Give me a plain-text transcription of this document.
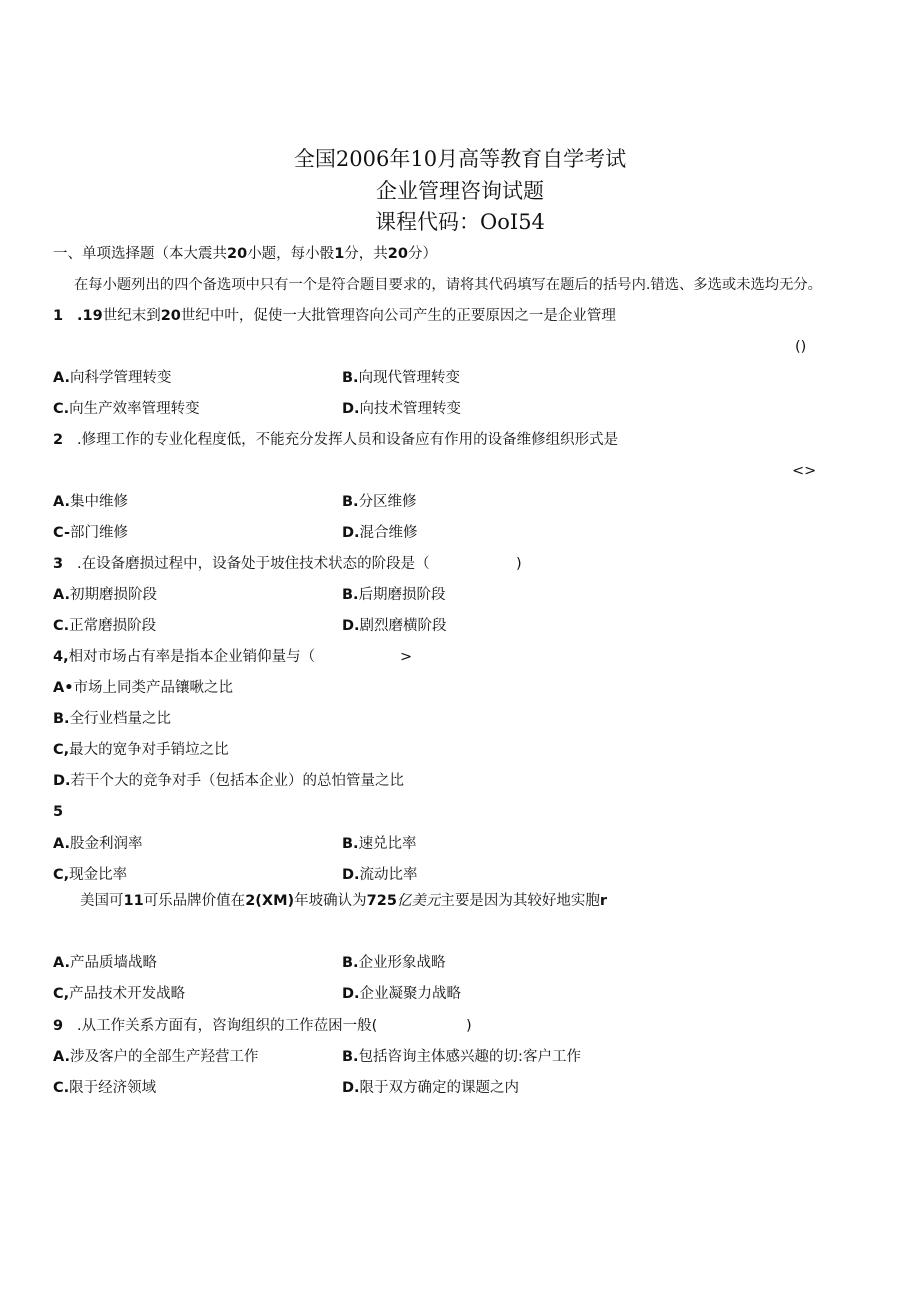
全国2006年10月高等教育自学考试
企业管理咨询试题
课程代码：OoI54
一、单项选择题（本大震共20小题，每小骰1分，共20分）
在每小题列出的四个备选项中只有一个是符合题目要求的，请将其代码填写在题后的括号内.错选、多选或未选均无分。
1 .19世纪末到20世纪中叶，促使一大批管理咨向公司产生的正要原因之一是企业管理
()
A.向科学管理转变	B.向现代管理转变
C.向生产效率管理转变	D.向技术管理转变
2 .修理工作的专业化程度低，不能充分发挥人员和设备应有作用的设备维修组织形式是
<>
A.集中维修	B.分区维修
C-部门维修	D.混合维修
3 .在设备磨损过程中，设备处于坡住技术状态的阶段是（	)
A.初期磨损阶段	B.后期磨损阶段
C.正常磨损阶段	D.剧烈磨横阶段
4,相对市场占有率是指本企业销仰量与（	>
A•市场上同类产品镶啾之比
B.全行业档量之比
C,最大的宽争对手销垃之比
D.若干个大的竞争对手（包括本企业）的总怕管量之比
5
A.股金利润率	B.速兑比率
C,现金比率	D.流动比率
美国可11可乐品牌价值在2(XM)年坡确认为725亿美元主要是因为其较好地实胞r
A.产品质墙战略	B.企业形象战略
C,产品技术开发战略	D.企业凝聚力战略
9 .从工作关系方面有，咨询组织的工作莅困一般(	)
A.涉及客户的全部生产羟营工作	B.包括咨询主体感兴趣的切:客户工作
C.限于经济领域	D.限于双方确定的课题之内
